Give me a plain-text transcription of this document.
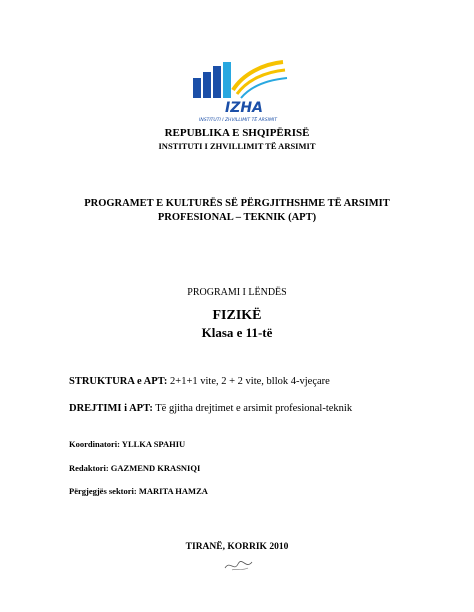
IZHA
INSTITUTI I ZHVILLIMIT TË ARSIMIT
REPUBLIKA E SHQIPËRISË
INSTITUTI I ZHVILLIMIT TË ARSIMIT
PROGRAMET E KULTURËS SË PËRGJITHSHME TË ARSIMIT
PROFESIONAL – TEKNIK (APT)
PROGRAMI I LËNDËS
FIZIKË
Klasa e 11-të
STRUKTURA e APT: 2+1+1 vite, 2 + 2 vite, bllok 4-vjeçare
DREJTIMI i APT: Të gjitha drejtimet e arsimit profesional-teknik
Koordinatori: YLLKA SPAHIU
Redaktori: GAZMEND KRASNIQI
Përgjegjës sektori: MARITA HAMZA
TIRANË, KORRIK 2010
